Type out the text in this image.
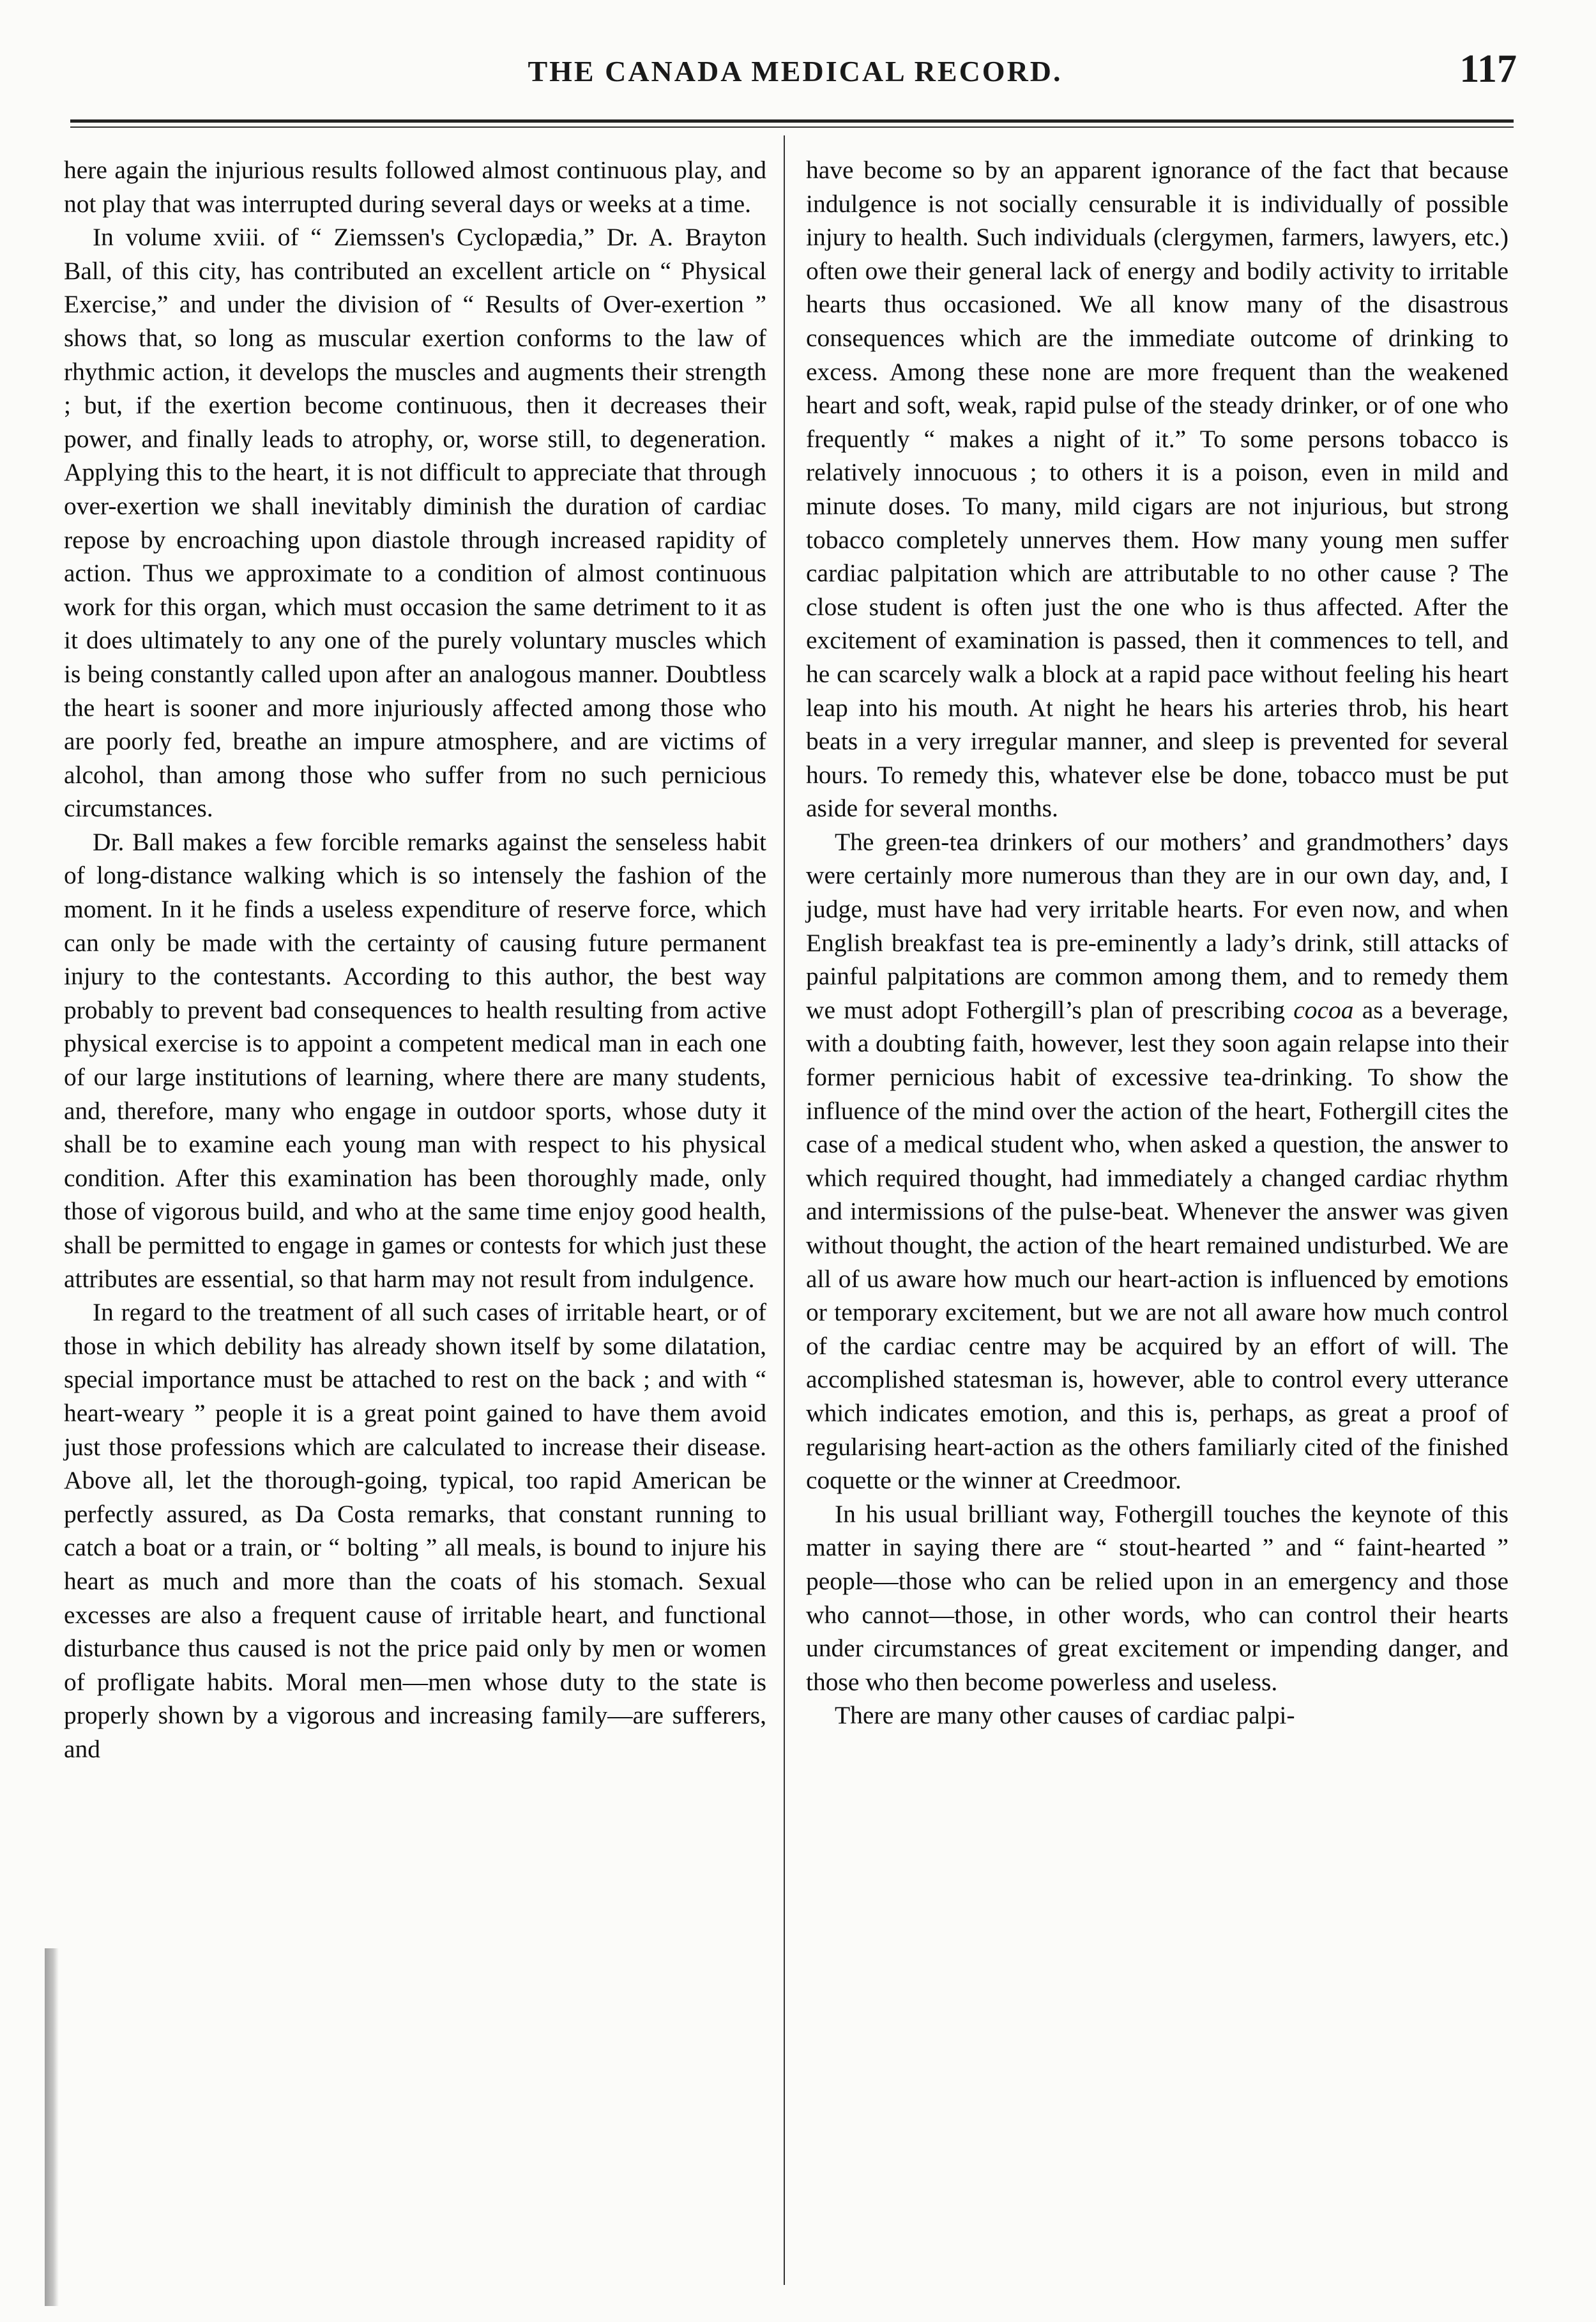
THE CANADA MEDICAL RECORD.	117

here again the injurious results followed almost continuous play, and not play that was interrupted during several days or weeks at a time.

In volume xviii. of “ Ziemssen's Cyclopædia,” Dr. A. Brayton Ball, of this city, has contributed an excellent article on “ Physical Exercise,” and under the division of “ Results of Over-exertion ” shows that, so long as muscular exertion conforms to the law of rhythmic action, it develops the muscles and augments their strength ; but, if the exertion become continuous, then it decreases their power, and finally leads to atrophy, or, worse still, to degeneration. Applying this to the heart, it is not difficult to appreciate that through over-exertion we shall inevitably diminish the duration of cardiac repose by encroaching upon diastole through increased rapidity of action. Thus we approximate to a condition of almost continuous work for this organ, which must occasion the same detriment to it as it does ultimately to any one of the purely voluntary muscles which is being constantly called upon after an analogous manner. Doubtless the heart is sooner and more injuriously affected among those who are poorly fed, breathe an impure atmosphere, and are victims of alcohol, than among those who suffer from no such pernicious circumstances.

Dr. Ball makes a few forcible remarks against the senseless habit of long-distance walking which is so intensely the fashion of the moment. In it he finds a useless expenditure of reserve force, which can only be made with the certainty of causing future permanent injury to the contestants. According to this author, the best way probably to prevent bad consequences to health resulting from active physical exercise is to appoint a competent medical man in each one of our large institutions of learning, where there are many students, and, therefore, many who engage in outdoor sports, whose duty it shall be to examine each young man with respect to his physical condition. After this examination has been thoroughly made, only those of vigorous build, and who at the same time enjoy good health, shall be permitted to engage in games or contests for which just these attributes are essential, so that harm may not result from indulgence.

In regard to the treatment of all such cases of irritable heart, or of those in which debility has already shown itself by some dilatation, special importance must be attached to rest on the back ; and with “ heart-weary ” people it is a great point gained to have them avoid just those professions which are calculated to increase their disease. Above all, let the thorough-going, typical, too rapid American be perfectly assured, as Da Costa remarks, that constant running to catch a boat or a train, or “ bolting ” all meals, is bound to injure his heart as much and more than the coats of his stomach. Sexual excesses are also a frequent cause of irritable heart, and functional disturbance thus caused is not the price paid only by men or women of profligate habits. Moral men—men whose duty to the state is properly shown by a vigorous and increasing family—are sufferers, and

have become so by an apparent ignorance of the fact that because indulgence is not socially censurable it is individually of possible injury to health. Such individuals (clergymen, farmers, lawyers, etc.) often owe their general lack of energy and bodily activity to irritable hearts thus occasioned. We all know many of the disastrous consequences which are the immediate outcome of drinking to excess. Among these none are more frequent than the weakened heart and soft, weak, rapid pulse of the steady drinker, or of one who frequently “ makes a night of it.” To some persons tobacco is relatively innocuous ; to others it is a poison, even in mild and minute doses. To many, mild cigars are not injurious, but strong tobacco completely unnerves them. How many young men suffer cardiac palpitation which are attributable to no other cause ? The close student is often just the one who is thus affected. After the excitement of examination is passed, then it commences to tell, and he can scarcely walk a block at a rapid pace without feeling his heart leap into his mouth. At night he hears his arteries throb, his heart beats in a very irregular manner, and sleep is prevented for several hours. To remedy this, whatever else be done, tobacco must be put aside for several months.

The green-tea drinkers of our mothers’ and grandmothers’ days were certainly more numerous than they are in our own day, and, I judge, must have had very irritable hearts. For even now, and when English breakfast tea is pre-eminently a lady’s drink, still attacks of painful palpitations are common among them, and to remedy them we must adopt Fothergill’s plan of prescribing cocoa as a beverage, with a doubting faith, however, lest they soon again relapse into their former pernicious habit of excessive tea-drinking. To show the influence of the mind over the action of the heart, Fothergill cites the case of a medical student who, when asked a question, the answer to which required thought, had immediately a changed cardiac rhythm and intermissions of the pulse-beat. Whenever the answer was given without thought, the action of the heart remained undisturbed. We are all of us aware how much our heart-action is influenced by emotions or temporary excitement, but we are not all aware how much control of the cardiac centre may be acquired by an effort of will. The accomplished statesman is, however, able to control every utterance which indicates emotion, and this is, perhaps, as great a proof of regularising heart-action as the others familiarly cited of the finished coquette or the winner at Creedmoor.

In his usual brilliant way, Fothergill touches the keynote of this matter in saying there are “ stout-hearted ” and “ faint-hearted ” people—those who can be relied upon in an emergency and those who cannot—those, in other words, who can control their hearts under circumstances of great excitement or impending danger, and those who then become powerless and useless.

There are many other causes of cardiac palpi-
